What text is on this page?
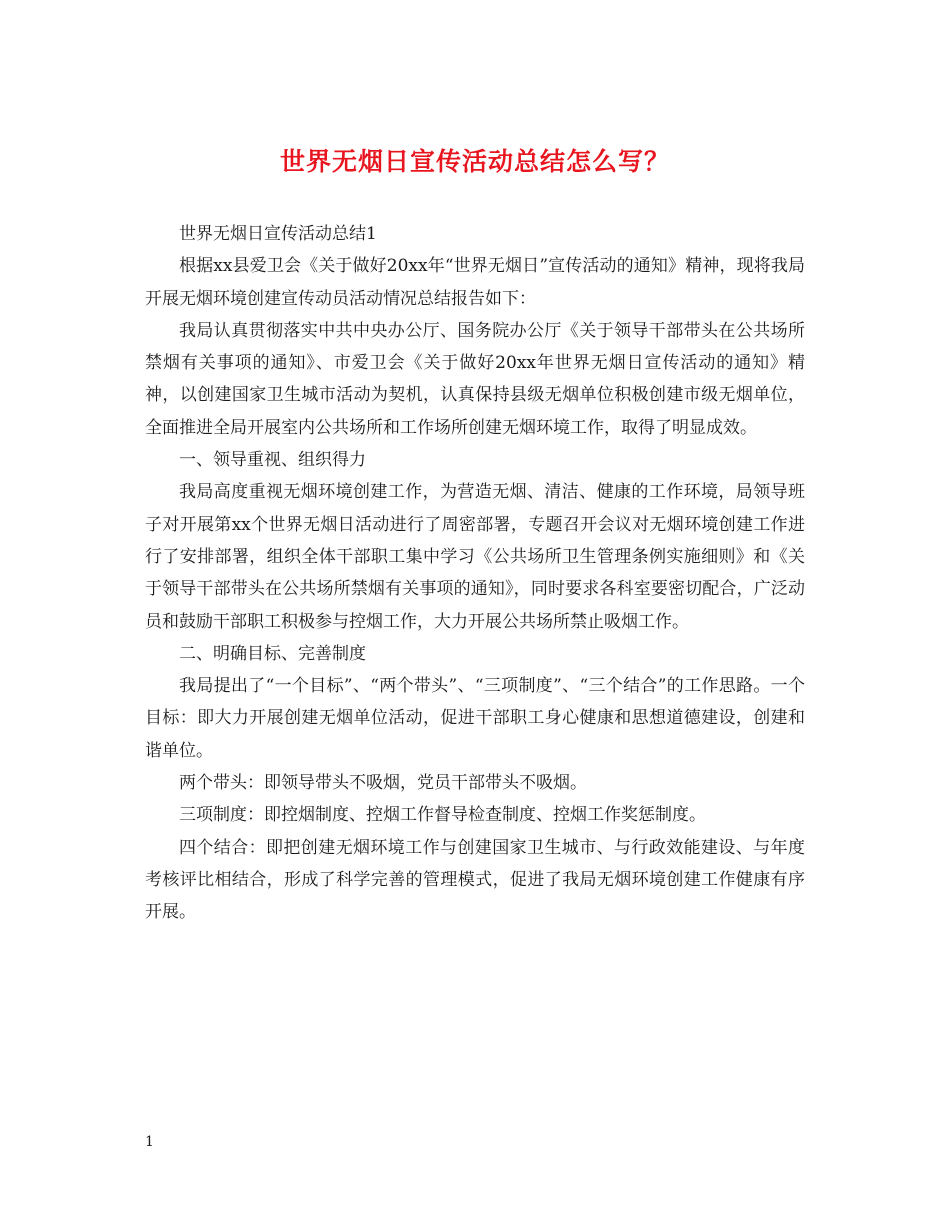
世界无烟日宣传活动总结怎么写？

世界无烟日宣传活动总结1

根据xx县爱卫会《关于做好20xx年“世界无烟日”宣传活动的通知》精神，现将我局开展无烟环境创建宣传动员活动情况总结报告如下：

我局认真贯彻落实中共中央办公厅、国务院办公厅《关于领导干部带头在公共场所禁烟有关事项的通知》、市爱卫会《关于做好20xx年世界无烟日宣传活动的通知》精神，以创建国家卫生城市活动为契机，认真保持县级无烟单位积极创建市级无烟单位，全面推进全局开展室内公共场所和工作场所创建无烟环境工作，取得了明显成效。

一、领导重视、组织得力

我局高度重视无烟环境创建工作，为营造无烟、清洁、健康的工作环境，局领导班子对开展第xx个世界无烟日活动进行了周密部署，专题召开会议对无烟环境创建工作进行了安排部署，组织全体干部职工集中学习《公共场所卫生管理条例实施细则》和《关于领导干部带头在公共场所禁烟有关事项的通知》，同时要求各科室要密切配合，广泛动员和鼓励干部职工积极参与控烟工作，大力开展公共场所禁止吸烟工作。

二、明确目标、完善制度

我局提出了“一个目标”、“两个带头”、“三项制度”、“三个结合”的工作思路。一个目标：即大力开展创建无烟单位活动，促进干部职工身心健康和思想道德建设，创建和谐单位。

两个带头：即领导带头不吸烟，党员干部带头不吸烟。

三项制度：即控烟制度、控烟工作督导检查制度、控烟工作奖惩制度。

四个结合：即把创建无烟环境工作与创建国家卫生城市、与行政效能建设、与年度考核评比相结合，形成了科学完善的管理模式，促进了我局无烟环境创建工作健康有序开展。

1
